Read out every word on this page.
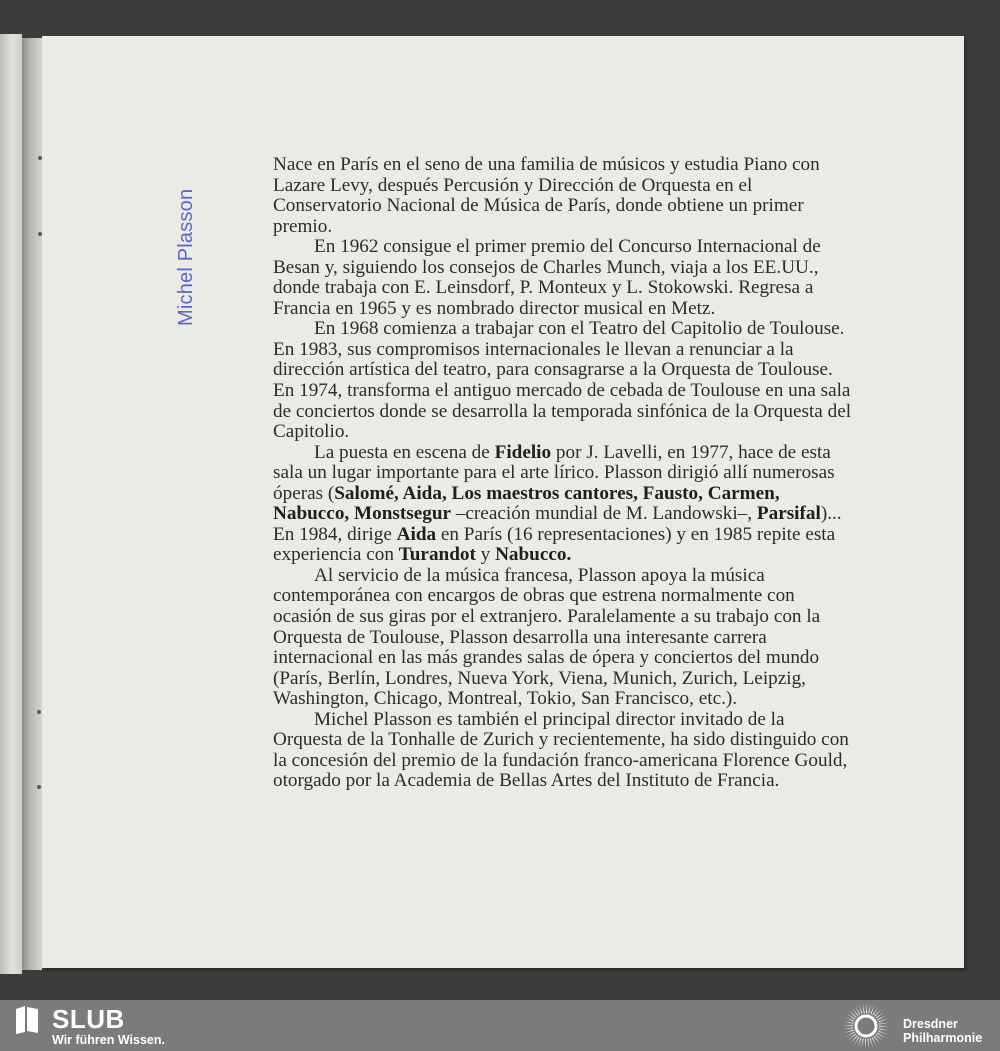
Michel Plasson

Nace en París en el seno de una familia de músicos y estudia Piano con Lazare Levy, después Percusión y Dirección de Orquesta en el Conservatorio Nacional de Música de París, donde obtiene un primer premio.

En 1962 consigue el primer premio del Concurso Internacional de Besan y, siguiendo los consejos de Charles Munch, viaja a los EE.UU., donde trabaja con E. Leinsdorf, P. Monteux y L. Stokowski. Regresa a Francia en 1965 y es nombrado director musical en Metz.

En 1968 comienza a trabajar con el Teatro del Capitolio de Toulouse. En 1983, sus compromisos internacionales le llevan a renunciar a la dirección artística del teatro, para consagrarse a la Orquesta de Toulouse. En 1974, transforma el antiguo mercado de cebada de Toulouse en una sala de conciertos donde se desarrolla la temporada sinfónica de la Orquesta del Capitolio.

La puesta en escena de Fidelio por J. Lavelli, en 1977, hace de esta sala un lugar importante para el arte lírico. Plasson dirigió allí numerosas óperas (Salomé, Aida, Los maestros cantores, Fausto, Carmen, Nabucco, Monstsegur –creación mundial de M. Landowski–, Parsifal)... En 1984, dirige Aida en París (16 representaciones) y en 1985 repite esta experiencia con Turandot y Nabucco.

Al servicio de la música francesa, Plasson apoya la música contemporánea con encargos de obras que estrena normalmente con ocasión de sus giras por el extranjero. Paralelamente a su trabajo con la Orquesta de Toulouse, Plasson desarrolla una interesante carrera internacional en las más grandes salas de ópera y conciertos del mundo (París, Berlín, Londres, Nueva York, Viena, Munich, Zurich, Leipzig, Washington, Chicago, Montreal, Tokio, San Francisco, etc.).

Michel Plasson es también el principal director invitado de la Orquesta de la Tonhalle de Zurich y recientemente, ha sido distinguido con la concesión del premio de la fundación franco-americana Florence Gould, otorgado por la Academia de Bellas Artes del Instituto de Francia.

SLUB
Wir führen Wissen.
Dresdner
Philharmonie
